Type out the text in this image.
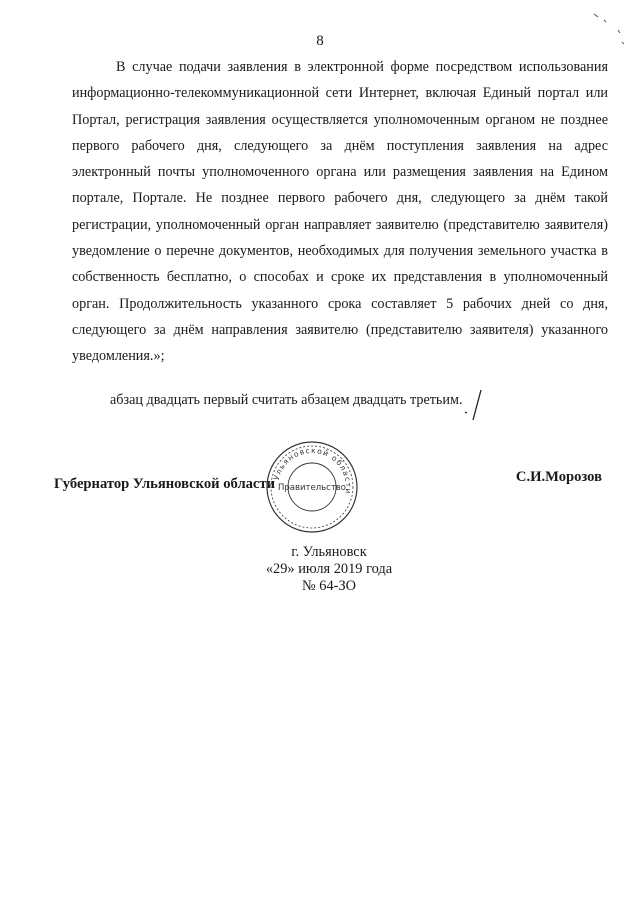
8

В случае подачи заявления в электронной форме посредством использования информационно-телекоммуникационной сети Интернет, включая Единый портал или Портал, регистрация заявления осуществляется уполномоченным органом не позднее первого рабочего дня, следующего за днём поступления заявления на адрес электронный почты уполномоченного органа или размещения заявления на Едином портале, Портале. Не позднее первого рабочего дня, следующего за днём такой регистрации, уполномоченный орган направляет заявителю (представителю заявителя) уведомление о перечне документов, необходимых для получения земельного участка в собственность бесплатно, о способах и сроке их представления в уполномоченный орган. Продолжительность указанного срока составляет 5 рабочих дней со дня, следующего за днём направления заявителю (представителю заявителя) указанного уведомления.»;

абзац двадцать первый считать абзацем двадцать третьим.

Губернатор Ульяновской области	С.И.Морозов

Ульяновской области
Правительство
г. Ульяновск
«29» июля 2019 года
№ 64-ЗО
